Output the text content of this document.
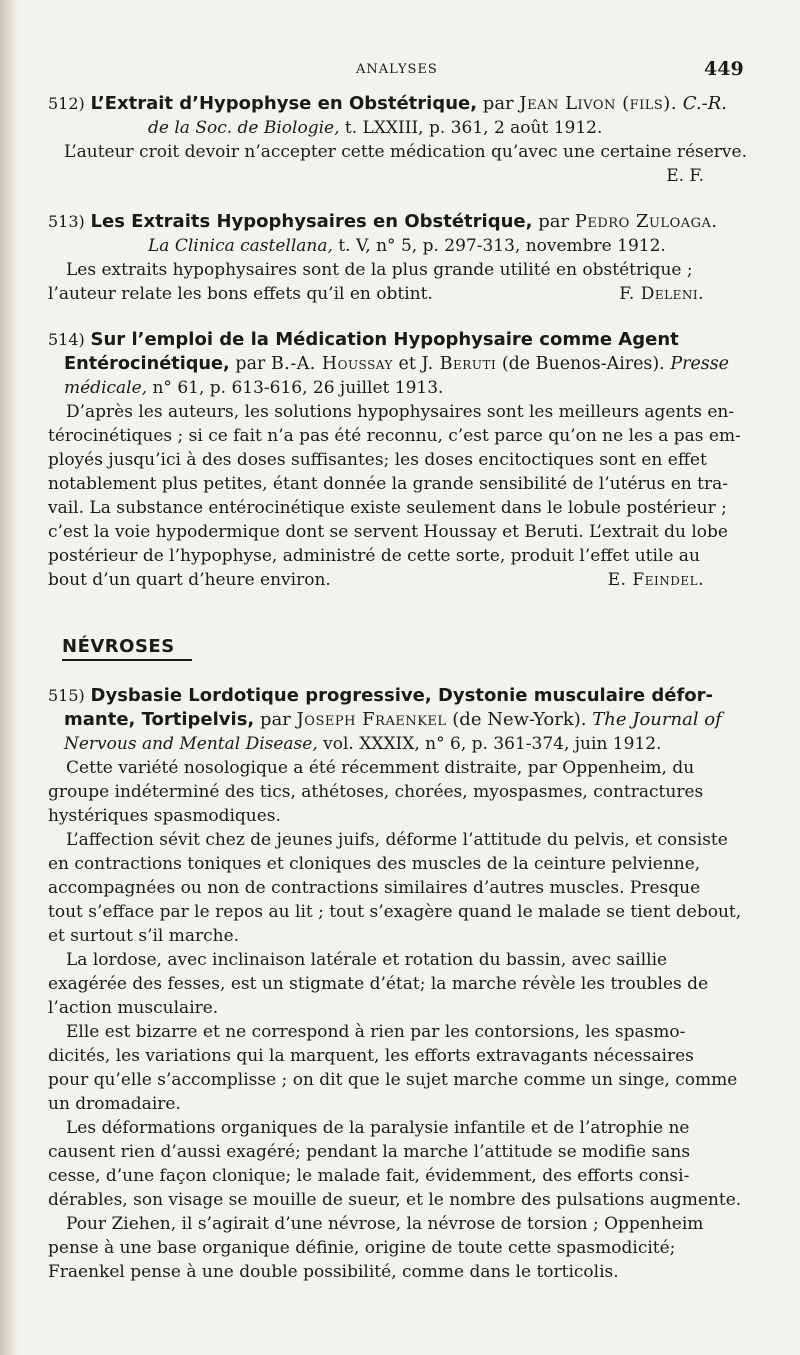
ANALYSES	449
512) L’Extrait d’Hypophyse en Obstétrique, par Jean Livon (fils). C.-R.
de la Soc. de Biologie, t. LXXIII, p. 361, 2 août 1912.
L’auteur croit devoir n’accepter cette médication qu’avec une certaine réserve.
E. F.
513) Les Extraits Hypophysaires en Obstétrique, par Pedro Zuloaga.
La Clinica castellana, t. V, n° 5, p. 297-313, novembre 1912.
Les extraits hypophysaires sont de la plus grande utilité en obstétrique ;
l’auteur relate les bons effets qu’il en obtint.	F. Deleni.
514) Sur l’emploi de la Médication Hypophysaire comme Agent
Entérocinétique, par B.-A. Houssay et J. Beruti (de Buenos-Aires). Presse
médicale, n° 61, p. 613-616, 26 juillet 1913.
D’après les auteurs, les solutions hypophysaires sont les meilleurs agents en-
térocinétiques ; si ce fait n’a pas été reconnu, c’est parce qu’on ne les a pas em-
ployés jusqu’ici à des doses suffisantes; les doses encitoctiques sont en effet
notablement plus petites, étant donnée la grande sensibilité de l’utérus en tra-
vail. La substance entérocinétique existe seulement dans le lobule postérieur ;
c’est la voie hypodermique dont se servent Houssay et Beruti. L’extrait du lobe
postérieur de l’hypophyse, administré de cette sorte, produit l’effet utile au
bout d’un quart d’heure environ.	E. Feindel.
NÉVROSES
515) Dysbasie Lordotique progressive, Dystonie musculaire défor-
mante, Tortipelvis, par Joseph Fraenkel (de New-York). The Journal of
Nervous and Mental Disease, vol. XXXIX, n° 6, p. 361-374, juin 1912.
Cette variété nosologique a été récemment distraite, par Oppenheim, du
groupe indéterminé des tics, athétoses, chorées, myospasmes, contractures
hystériques spasmodiques.
L’affection sévit chez de jeunes juifs, déforme l’attitude du pelvis, et consiste
en contractions toniques et cloniques des muscles de la ceinture pelvienne,
accompagnées ou non de contractions similaires d’autres muscles. Presque
tout s’efface par le repos au lit ; tout s’exagère quand le malade se tient debout,
et surtout s’il marche.
La lordose, avec inclinaison latérale et rotation du bassin, avec saillie
exagérée des fesses, est un stigmate d’état; la marche révèle les troubles de
l’action musculaire.
Elle est bizarre et ne correspond à rien par les contorsions, les spasmo-
dicités, les variations qui la marquent, les efforts extravagants nécessaires
pour qu’elle s’accomplisse ; on dit que le sujet marche comme un singe, comme
un dromadaire.
Les déformations organiques de la paralysie infantile et de l’atrophie ne
causent rien d’aussi exagéré; pendant la marche l’attitude se modifie sans
cesse, d’une façon clonique; le malade fait, évidemment, des efforts consi-
dérables, son visage se mouille de sueur, et le nombre des pulsations augmente.
Pour Ziehen, il s’agirait d’une névrose, la névrose de torsion ; Oppenheim
pense à une base organique définie, origine de toute cette spasmodicité;
Fraenkel pense à une double possibilité, comme dans le torticolis.
